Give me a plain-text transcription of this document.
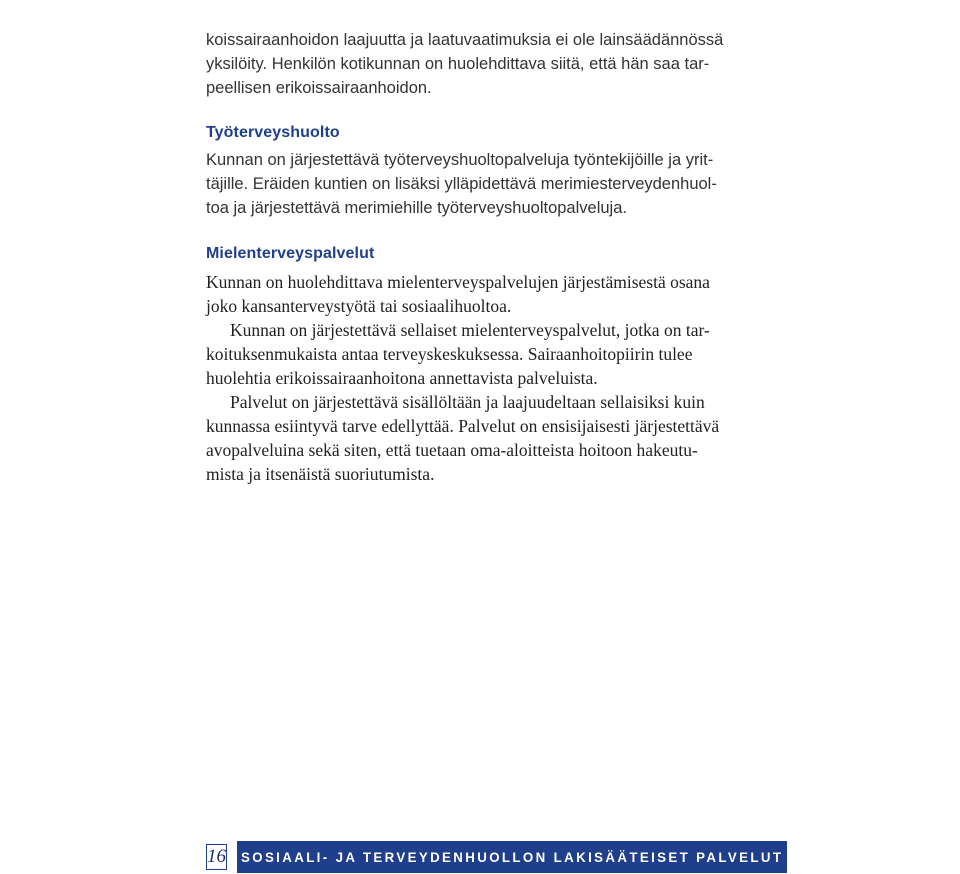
koissairaanhoidon laajuutta ja laatuvaatimuksia ei ole lainsäädännössä
yksilöity. Henkilön kotikunnan on huolehdittava siitä, että hän saa tar-
peellisen erikoissairaanhoidon.
Työterveyshuolto
Kunnan on järjestettävä työterveyshuoltopalveluja työntekijöille ja yrit-
täjille. Eräiden kuntien on lisäksi ylläpidettävä merimiesterveydenhuol-
toa ja järjestettävä merimiehille työterveyshuoltopalveluja.
Mielenterveyspalvelut
Kunnan on huolehdittava mielenterveyspalvelujen järjestämisestä osana
joko kansanterveystyötä tai sosiaalihuoltoa.
Kunnan on järjestettävä sellaiset mielenterveyspalvelut, jotka on tar-
koituksenmukaista antaa terveyskeskuksessa. Sairaanhoitopiirin tulee
huolehtia erikoissairaanhoitona annettavista palveluista.
Palvelut on järjestettävä sisällöltään ja laajuudeltaan sellaisiksi kuin
kunnassa esiintyvä tarve edellyttää. Palvelut on ensisijaisesti järjestettävä
avopalveluina sekä siten, että tuetaan oma-aloitteista hoitoon hakeutu-
mista ja itsenäistä suoriutumista.
16 SOSIAALI- JA TERVEYDENHUOLLON LAKISÄÄTEISET PALVELUT
